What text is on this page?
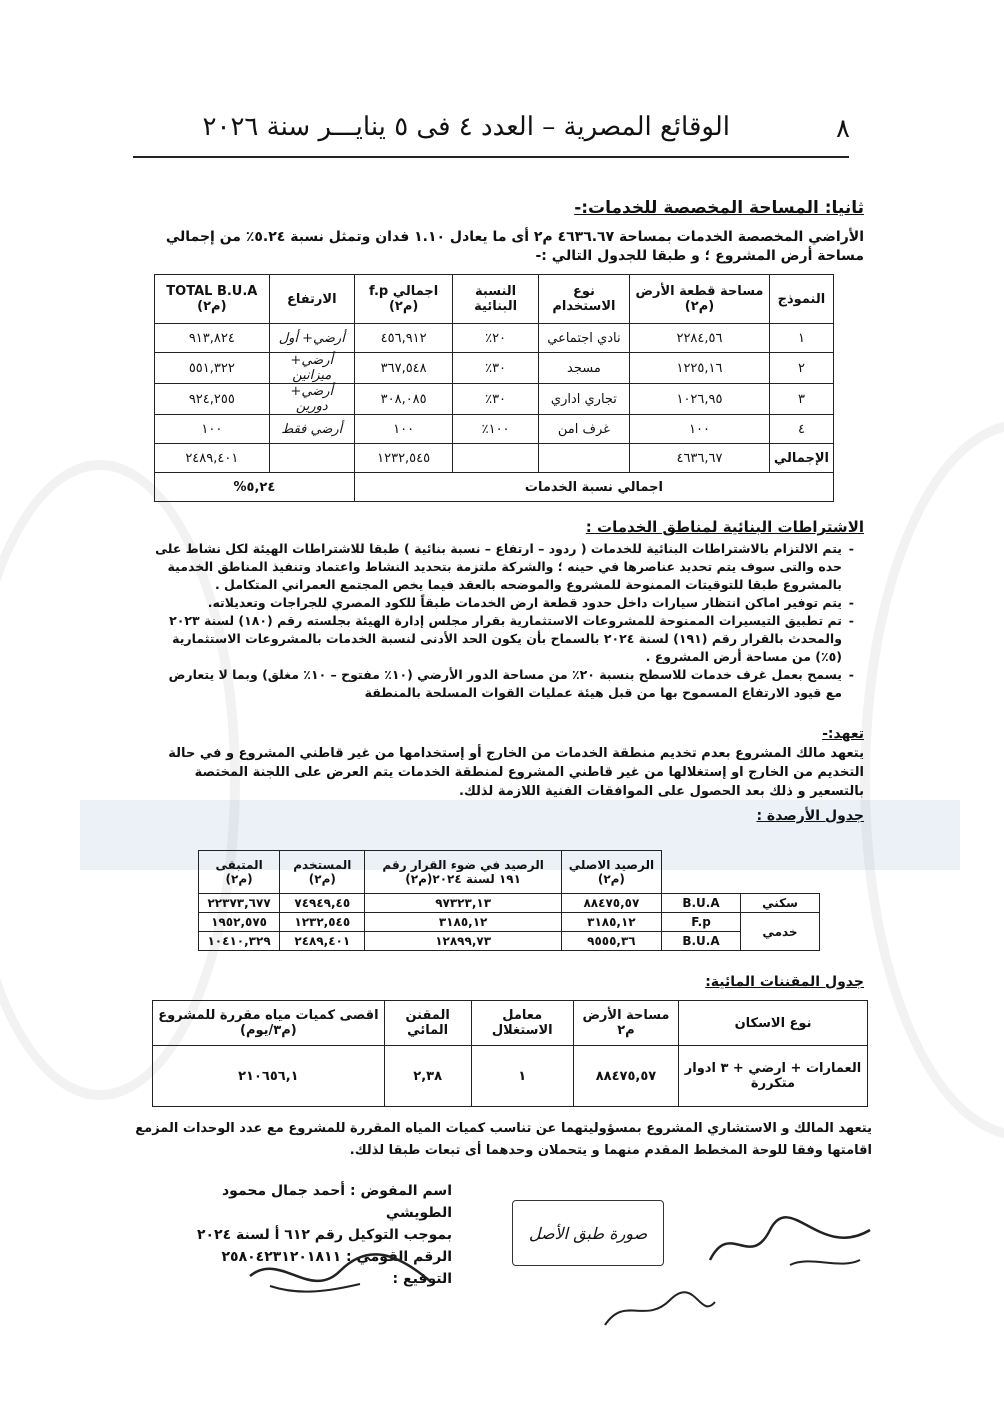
٨
الوقائع المصرية – العدد ٤ فى ٥ ينايـــر سنة ٢٠٢٦
ثانيا: المساحة المخصصة للخدمات:-
الأراضي المخصصة الخدمات بمساحة ٤٦٣٦.٦٧ م٢ أى ما يعادل ١.١٠ فدان وتمثل نسبة ٥.٢٤٪ من إجمالي مساحة أرض المشروع ؛ و طبقا للجدول التالي :-
النموذج	مساحة قطعة الأرض (م٢)	نوع الاستخدام	النسبة البنائية	اجمالي f.p (م٢)	الارتفاع	TOTAL B.U.A (م٢)
١	٢٢٨٤,٥٦	نادي اجتماعي	٢٠٪	٤٥٦,٩١٢	أرضي+ أول	٩١٣,٨٢٤
٢	١٢٢٥,١٦	مسجد	٣٠٪	٣٦٧,٥٤٨	أرضي+ ميزانين	٥٥١,٣٢٢
٣	١٠٢٦,٩٥	تجاري اداري	٣٠٪	٣٠٨,٠٨٥	أرضي+ دورين	٩٢٤,٢٥٥
٤	١٠٠	غرف امن	١٠٠٪	١٠٠	أرضي فقط	١٠٠
الإجمالي	٤٦٣٦,٦٧			١٢٣٢,٥٤٥		٢٤٨٩,٤٠١
اجمالي نسبة الخدمات					٥,٢٤%	
الاشتراطات البنائية لمناطق الخدمات :
- يتم الالتزام بالاشتراطات البنائية للخدمات ( ردود – ارتفاع – نسبة بنائية ) طبقا للاشتراطات الهيئة لكل نشاط على حده والتى سوف يتم تحديد عناصرها في حينه ؛ والشركة ملتزمة بتحديد النشاط واعتماد وتنفيذ المناطق الخدمية بالمشروع طبقا للتوقيتات الممنوحة للمشروع والموضحه بالعقد فيما يخص المجتمع العمراني المتكامل .
- يتم توفير اماكن انتظار سيارات داخل حدود قطعة ارض الخدمات طبقاً للكود المصري للجراجات وتعديلاته.
- تم تطبيق التيسيرات الممنوحة للمشروعات الاستثمارية بقرار مجلس إدارة الهيئة بجلسته رقم (١٨٠) لسنة ٢٠٢٣ والمحدث بالقرار رقم (١٩١) لسنة ٢٠٢٤ بالسماح بأن يكون الحد الأدنى لنسبة الخدمات بالمشروعات الاستثمارية (٥٪) من مساحة أرض المشروع .
- يسمح بعمل غرف خدمات للاسطح بنسبة ٢٠٪ من مساحة الدور الأرضي (١٠٪ مفتوح – ١٠٪ مغلق) وبما لا يتعارض مع قيود الارتفاع المسموح بها من قبل هيئة عمليات القوات المسلحة بالمنطقة
تعهد:-
يتعهد مالك المشروع بعدم تخديم منطقة الخدمات من الخارج أو إستخدامها من غير قاطني المشروع و في حالة التخديم من الخارج او إستغلالها من غير قاطني المشروع لمنطقة الخدمات يتم العرض على اللجنة المختصة بالتسعير و ذلك بعد الحصول على الموافقات الفنية اللازمة لذلك.
جدول الأرصدة :
		الرصيد الاصلي (م٢)	الرصيد في ضوء القرار رقم ١٩١ لسنة ٢٠٢٤(م٢)	المستخدم (م٢)	المتبقى (م٢)
سكني	B.U.A	٨٨٤٧٥,٥٧	٩٧٣٢٣,١٣	٧٤٩٤٩,٤٥	٢٢٣٧٣,٦٧٧
خدمي	F.p	٣١٨٥,١٢	٣١٨٥,١٢	١٢٣٢,٥٤٥	١٩٥٢,٥٧٥
	B.U.A	٩٥٥٥,٣٦	١٢٨٩٩,٧٣	٢٤٨٩,٤٠١	١٠٤١٠,٣٢٩
جدول المقننات المائية:
نوع الاسكان	مساحة الأرض م٢	معامل الاستغلال	المقنن المائي	اقصى كميات مياه مقررة للمشروع (م٣/يوم)
العمارات + ارضي + ٣ ادوار متكررة	٨٨٤٧٥,٥٧	١	٢,٣٨	٢١٠٦٥٦,١
يتعهد المالك و الاستشاري المشروع بمسؤوليتهما عن تناسب كميات المياه المقررة للمشروع مع عدد الوحدات المزمع اقامتها وفقا للوحة المخطط المقدم منهما و يتحملان وحدهما أى تبعات طبقا لذلك.
اسم المفوض : أحمد جمال محمود الطويشي
بموجب التوكيل رقم ٦١٢ أ لسنة ٢٠٢٤
الرقم القومي : ٢٥٨٠٤٢٣١٢٠١٨١١
التوقيع :
صورة طبق الأصل
